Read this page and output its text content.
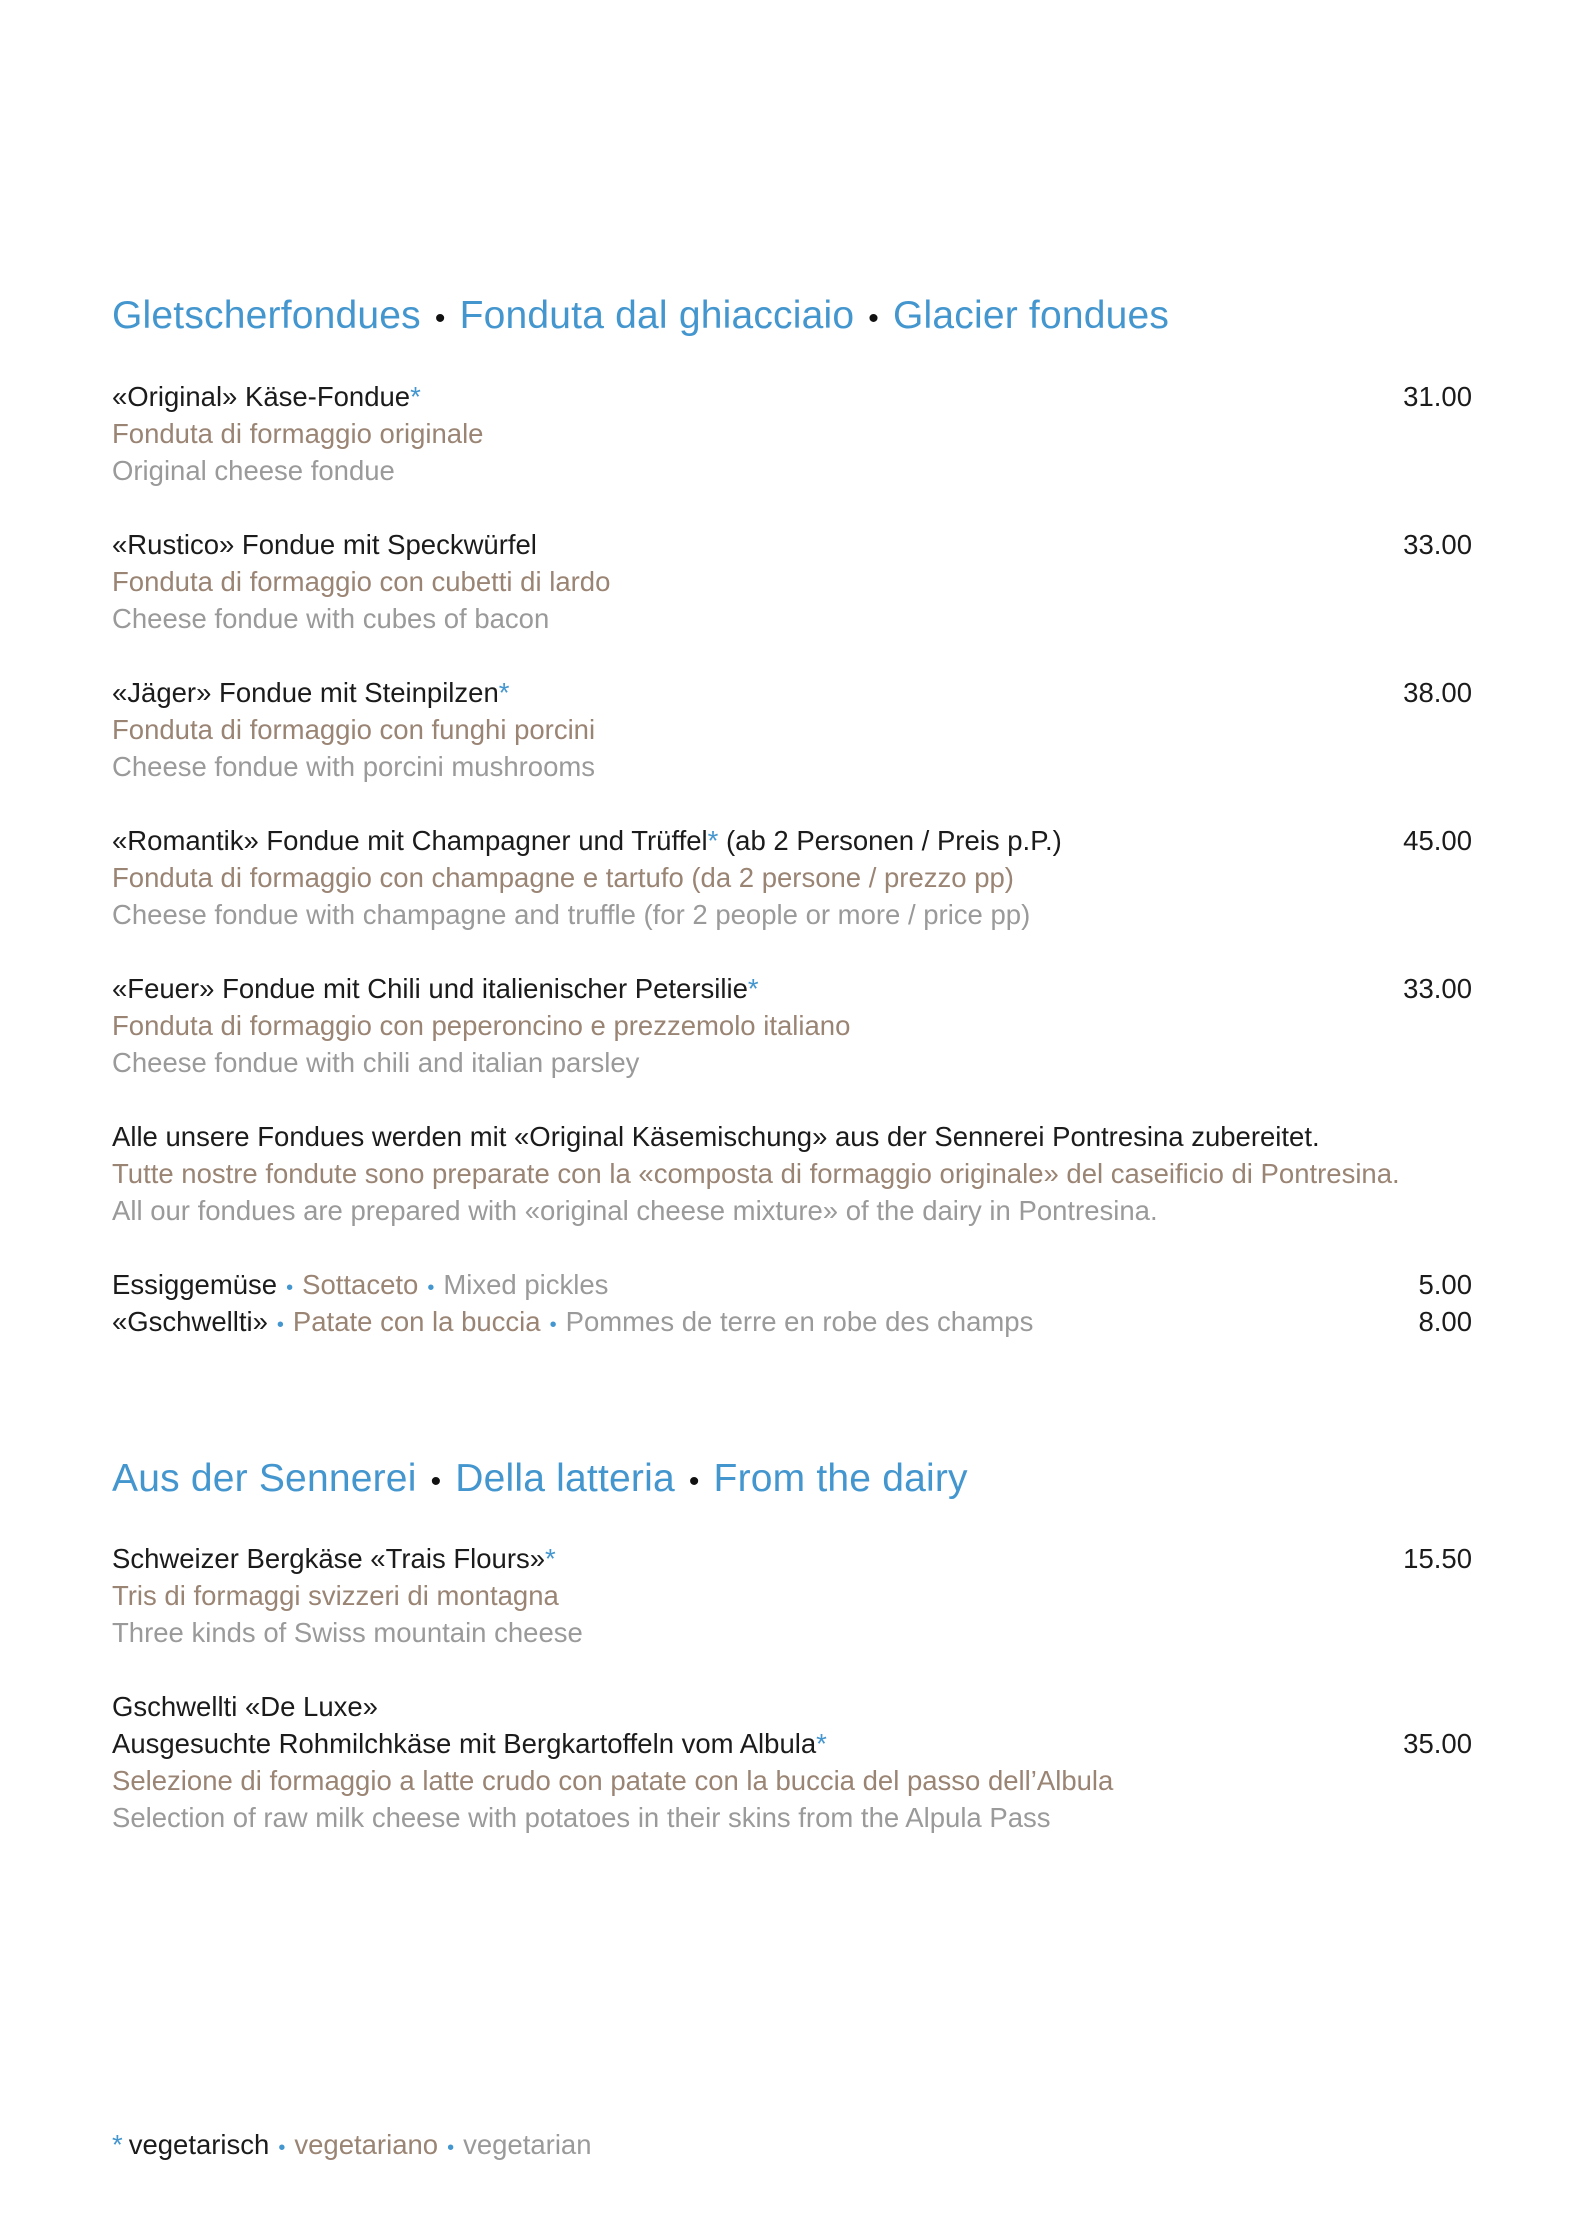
Gletscherfondues • Fonduta dal ghiacciaio • Glacier fondues
«Original» Käse-Fondue*
Fonduta di formaggio originale
Original cheese fondue
31.00
«Rustico» Fondue mit Speckwürfel
Fonduta di formaggio con cubetti di lardo
Cheese fondue with cubes of bacon
33.00
«Jäger» Fondue mit Steinpilzen*
Fonduta di formaggio con funghi porcini
Cheese fondue with porcini mushrooms
38.00
«Romantik» Fondue mit Champagner und Trüffel* (ab 2 Personen / Preis p.P.)
Fonduta di formaggio con champagne e tartufo (da 2 persone / prezzo pp)
Cheese fondue with champagne and truffle (for 2 people or more / price pp)
45.00
«Feuer» Fondue mit Chili und italienischer Petersilie*
Fonduta di formaggio con peperoncino e prezzemolo italiano
Cheese fondue with chili and italian parsley
33.00
Alle unsere Fondues werden mit «Original Käsemischung» aus der Sennerei Pontresina zubereitet.
Tutte nostre fondute sono preparate con la «composta di formaggio originale» del caseificio di Pontresina.
All our fondues are prepared with «original cheese mixture» of the dairy in Pontresina.
Essiggemüse • Sottaceto • Mixed pickles	5.00
«Gschwellti» • Patate con la buccia • Pommes de terre en robe des champs	8.00
Aus der Sennerei • Della latteria • From the dairy
Schweizer Bergkäse «Trais Flours»*
Tris di formaggi svizzeri di montagna
Three kinds of Swiss mountain cheese
15.50
Gschwellti «De Luxe»
Ausgesuchte Rohmilchkäse mit Bergkartoffeln vom Albula*	35.00
Selezione di formaggio a latte crudo con patate con la buccia del passo dell’Albula
Selection of raw milk cheese with potatoes in their skins from the Alpula Pass
* vegetarisch • vegetariano • vegetarian
